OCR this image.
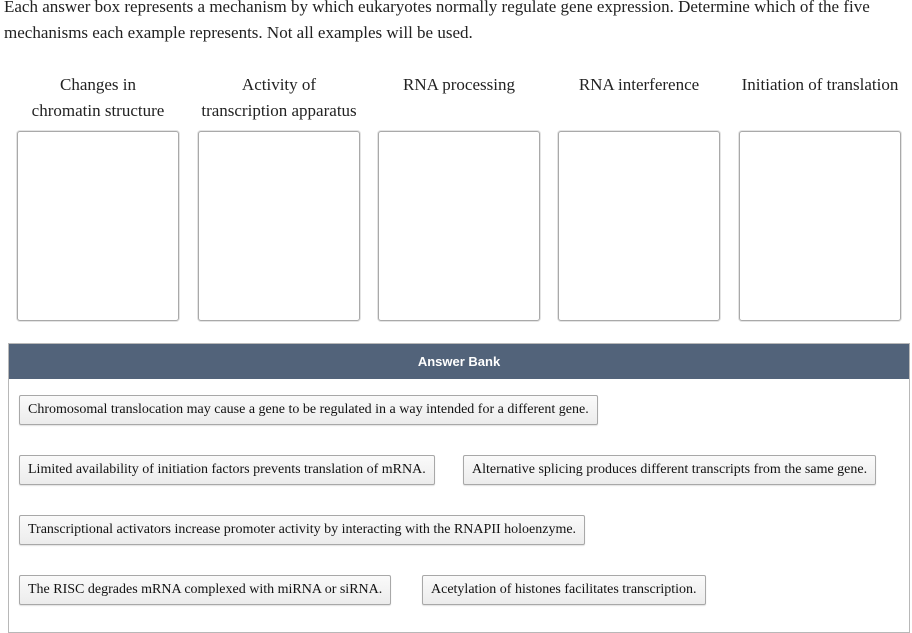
Each answer box represents a mechanism by which eukaryotes normally regulate gene expression. Determine which of the five mechanisms each example represents. Not all examples will be used.
Changes in
chromatin structure
Activity of
transcription apparatus
RNA processing	RNA interference	Initiation of translation
Answer Bank
Chromosomal translocation may cause a gene to be regulated in a way intended for a different gene.
Limited availability of initiation factors prevents translation of mRNA.	Alternative splicing produces different transcripts from the same gene.
Transcriptional activators increase promoter activity by interacting with the RNAPII holoenzyme.
The RISC degrades mRNA complexed with miRNA or siRNA.	Acetylation of histones facilitates transcription.
